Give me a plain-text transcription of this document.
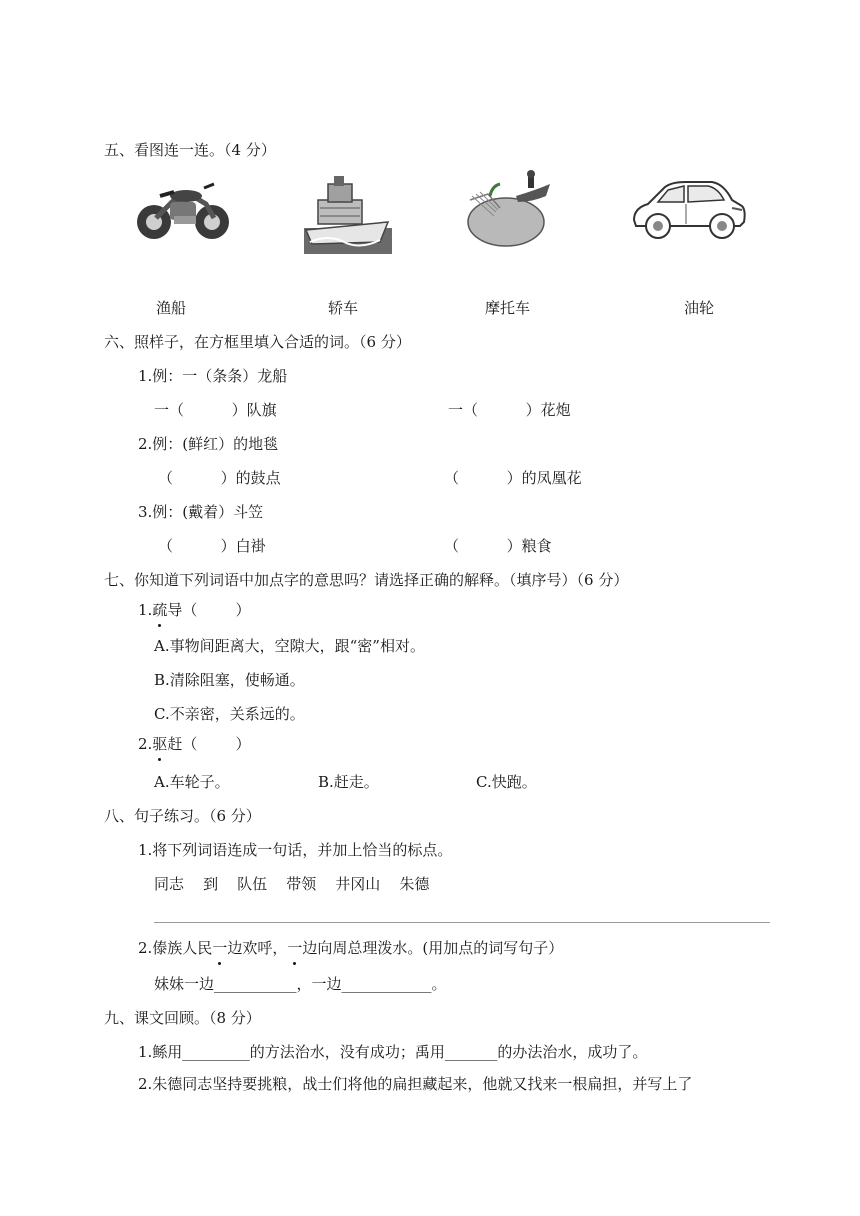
五、看图连一连。（4 分）
渔船	轿车	摩托车	油轮
六、照样子，在方框里填入合适的词。（6 分）
1.例：一（条条）龙船
一（          ）队旗	一（          ）花炮
2.例：(鲜红）的地毯
（          ）的鼓点	（          ）的凤凰花
3.例：(戴着）斗笠
（          ）白褂	（          ）粮食
七、你知道下列词语中加点字的意思吗？请选择正确的解释。（填序号）（6 分）
1.疏导（        ）
A.事物间距离大，空隙大，跟“密”相对。
B.清除阻塞，使畅通。
C.不亲密，关系远的。
2.驱赶（        ）
A.车轮子。	B.赶走。	C.快跑。
八、句子练习。（6 分）
1.将下列词语连成一句话，并加上恰当的标点。
同志    到    队伍    带领    井冈山    朱德
2.傣族人民一边欢呼，一边向周总理泼水。(用加点的词写句子）
妹妹一边___________，一边____________。
九、课文回顾。（8 分）
1.鲧用_________的方法治水，没有成功；禹用_______的办法治水，成功了。
2.朱德同志坚持要挑粮，战士们将他的扁担藏起来，他就又找来一根扁担，并写上了
